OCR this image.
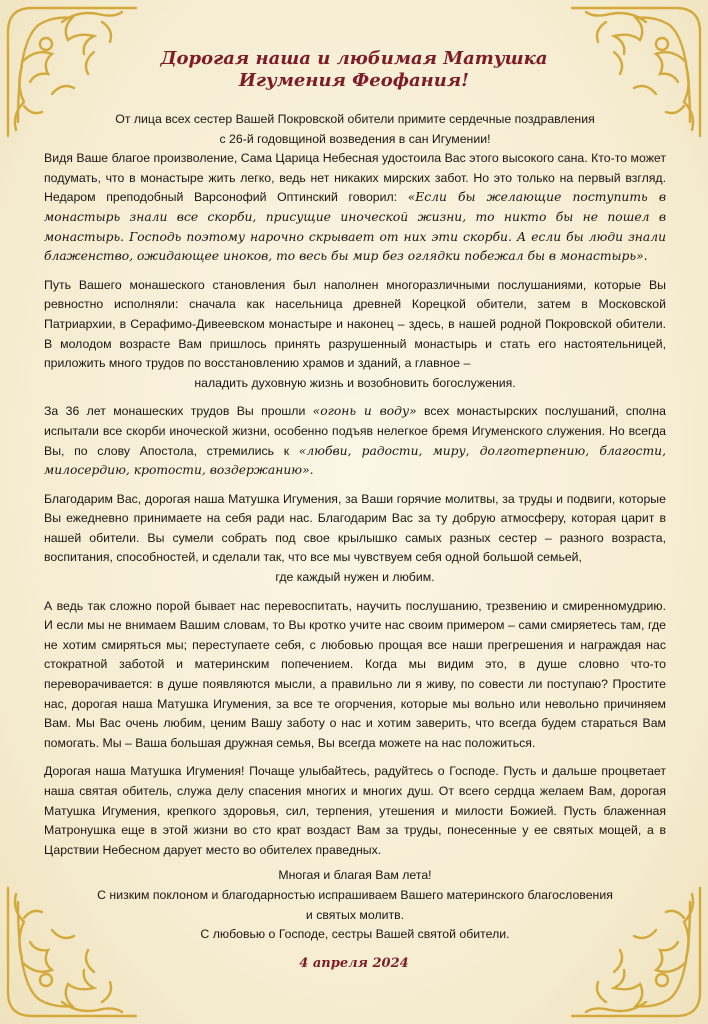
Дорогая наша и любимая Матушка
Игумения Феофания!

От лица всех сестер Вашей Покровской обители примите сердечные поздравления

с 26-й годовщиной возведения в сан Игумении!

Видя Ваше благое произволение, Сама Царица Небесная удостоила Вас этого высокого сана. Кто-то может подумать, что в монастыре жить легко, ведь нет никаких мирских забот. Но это только на первый взгляд. Недаром преподобный Варсонофий Оптинский говорил: «Если бы желающие поступить в монастырь знали все скорби, присущие иноческой жизни, то никто бы не пошел в монастырь. Господь поэтому нарочно скрывает от них эти скорби. А если бы люди знали блаженство, ожидающее иноков, то весь бы мир без оглядки побежал бы в монастырь».

Путь Вашего монашеского становления был наполнен многоразличными послушаниями, которые Вы ревностно исполняли: сначала как насельница древней Корецкой обители, затем в Московской Патриархии, в Серафимо-Дивеевском монастыре и наконец – здесь, в нашей родной Покровской обители. В молодом возрасте Вам пришлось принять разрушенный монастырь и стать его настоятельницей, приложить много трудов по восстановлению храмов и зданий, а главное –

наладить духовную жизнь и возобновить богослужения.

За 36 лет монашеских трудов Вы прошли «огонь и воду» всех монастырских послушаний, сполна испытали все скорби иноческой жизни, особенно подъяв нелегкое бремя Игуменского служения. Но всегда Вы, по слову Апостола, стремились к «любви, радости, миру, долготерпению, благости, милосердию, кротости, воздержанию».

Благодарим Вас, дорогая наша Матушка Игумения, за Ваши горячие молитвы, за труды и подвиги, которые Вы ежедневно принимаете на себя ради нас. Благодарим Вас за ту добрую атмосферу, которая царит в нашей обители. Вы сумели собрать под свое крылышко самых разных сестер – разного возраста, воспитания, способностей, и сделали так, что все мы чувствуем себя одной большой семьей,

где каждый нужен и любим.

А ведь так сложно порой бывает нас перевоспитать, научить послушанию, трезвению и смиренномудрию. И если мы не внимаем Вашим словам, то Вы кротко учите нас своим примером – сами смиряетесь там, где не хотим смиряться мы; переступаете себя, с любовью прощая все наши прегрешения и награждая нас стократной заботой и материнским попечением. Когда мы видим это, в душе словно что-то переворачивается: в душе появляются мысли, а правильно ли я живу, по совести ли поступаю? Простите нас, дорогая наша Матушка Игумения, за все те огорчения, которые мы вольно или невольно причиняем Вам. Мы Вас очень любим, ценим Вашу заботу о нас и хотим заверить, что всегда будем стараться Вам помогать. Мы – Ваша большая дружная семья, Вы всегда можете на нас положиться.

Дорогая наша Матушка Игумения! Почаще улыбайтесь, радуйтесь о Господе. Пусть и дальше процветает наша святая обитель, служа делу спасения многих и многих душ. От всего сердца желаем Вам, дорогая Матушка Игумения, крепкого здоровья, сил, терпения, утешения и милости Божией. Пусть блаженная Матронушка еще в этой жизни во сто крат воздаст Вам за труды, понесенные у ее святых мощей, а в Царствии Небесном дарует место во обителех праведных.

Многая и благая Вам лета!

С низким поклоном и благодарностью испрашиваем Вашего материнского благословения

и святых молитв.

С любовью о Господе, сестры Вашей святой обители.

4 апреля 2024
